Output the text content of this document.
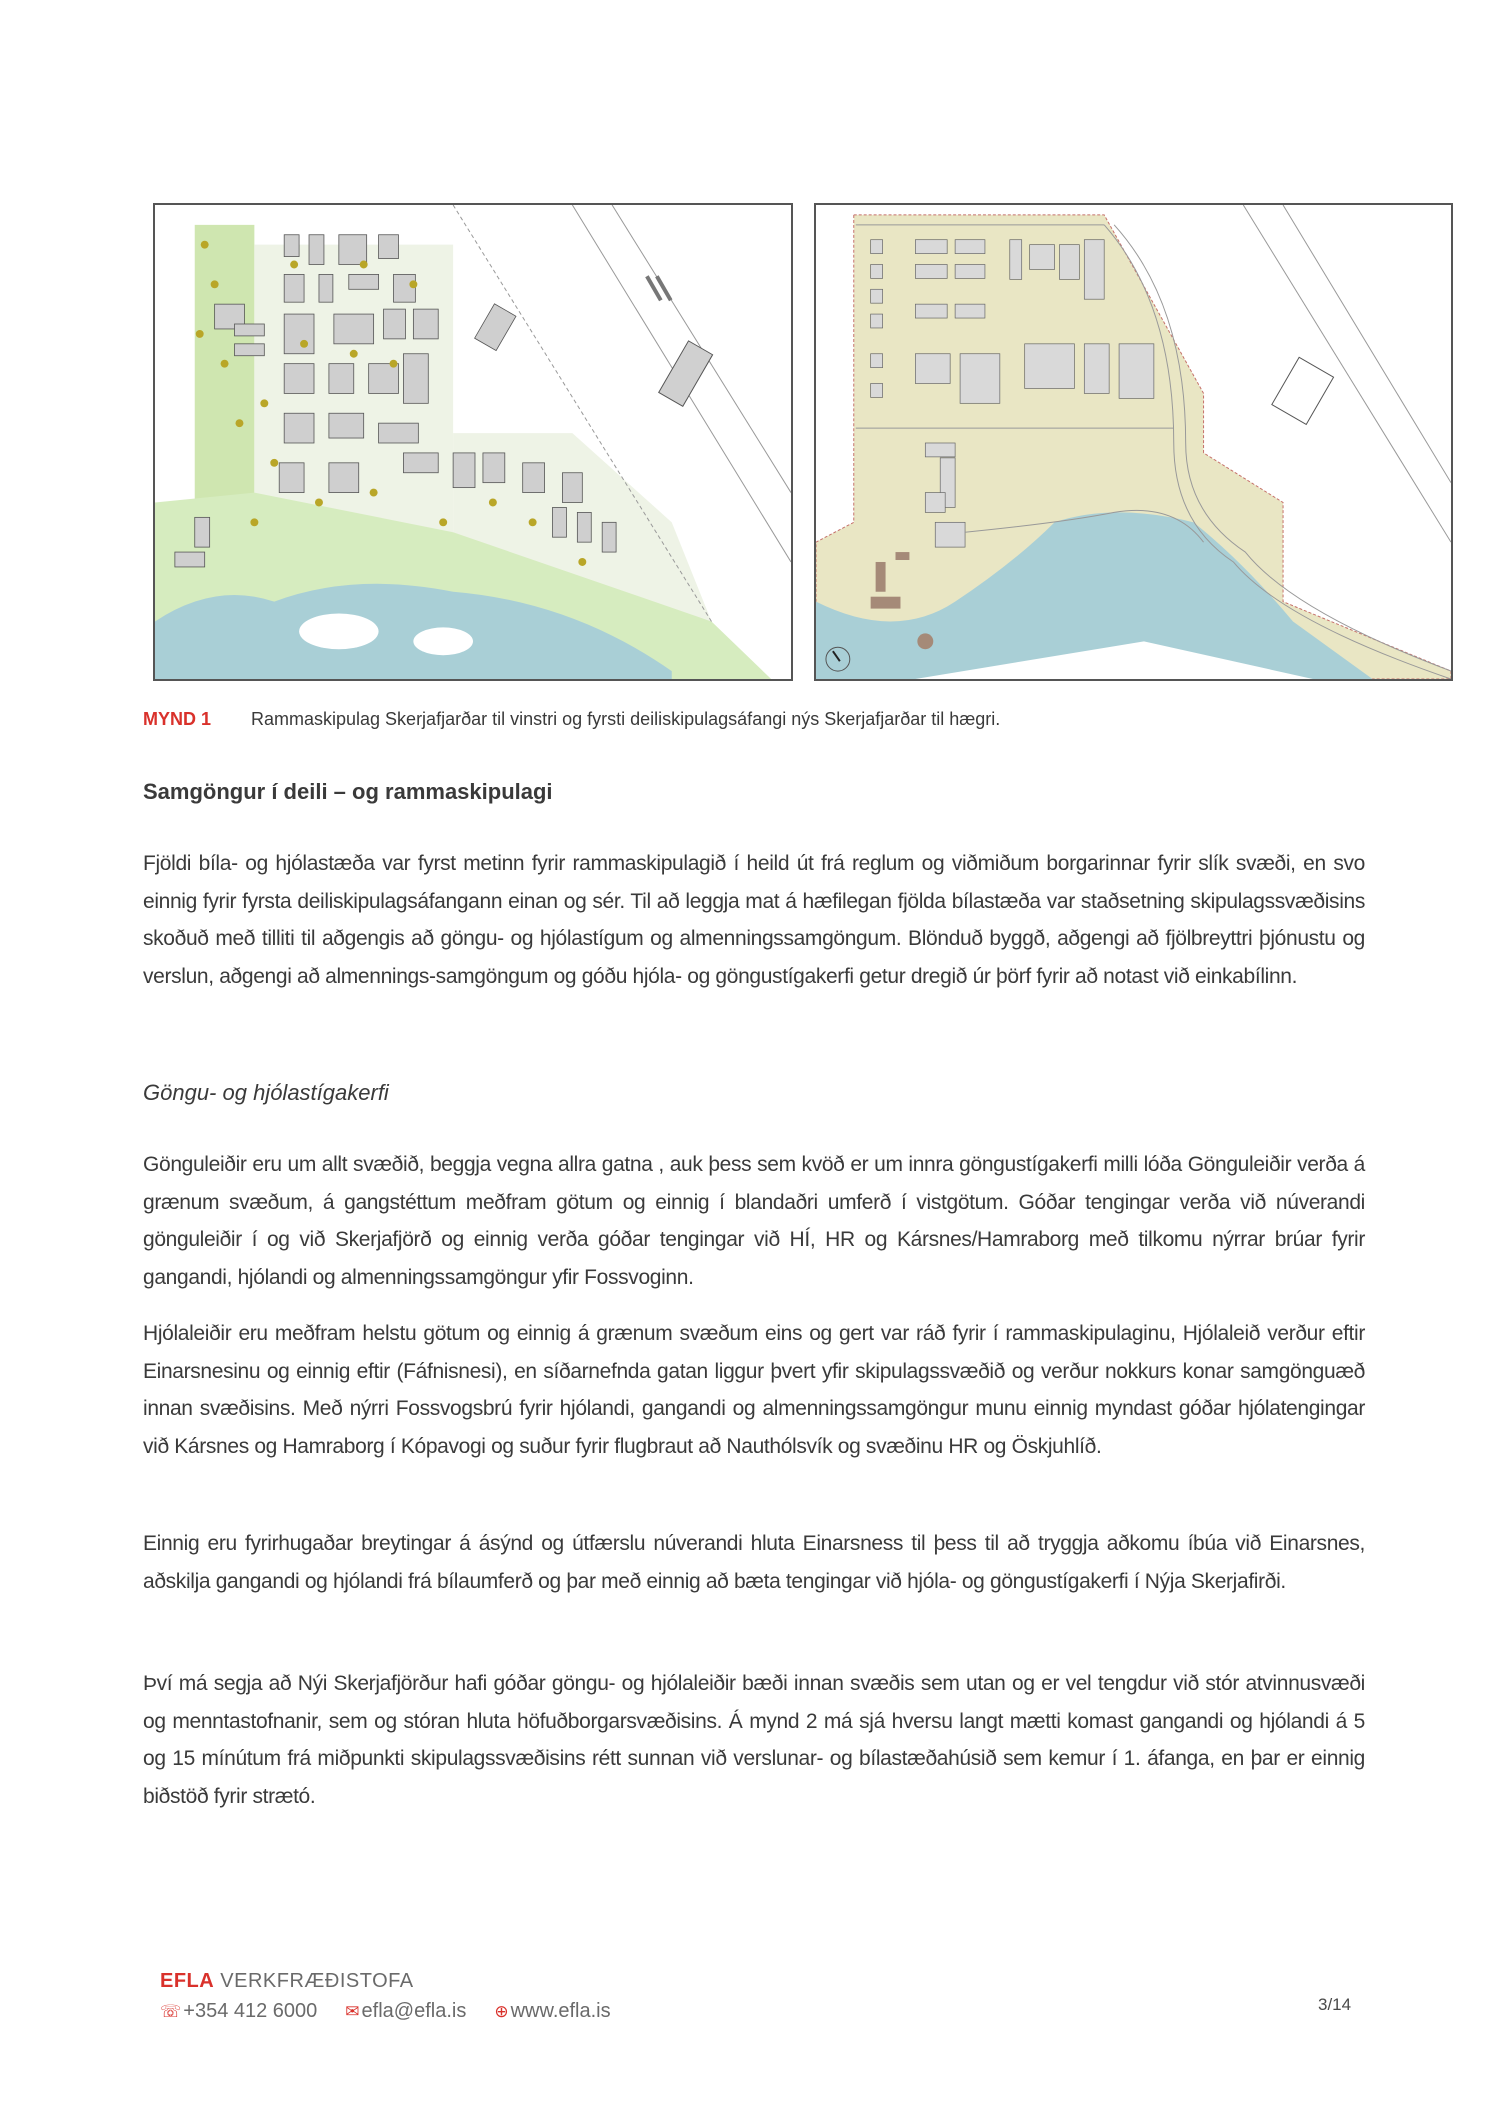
MYND 1 Rammaskipulag Skerjafjarðar til vinstri og fyrsti deiliskipulagsáfangi nýs Skerjafjarðar til hægri.
Samgöngur í deili – og rammaskipulagi

Fjöldi bíla- og hjólastæða var fyrst metinn fyrir rammaskipulagið í heild út frá reglum og viðmiðum borgarinnar fyrir slík svæði, en svo einnig fyrir fyrsta deiliskipulagsáfangann einan og sér. Til að leggja mat á hæfilegan fjölda bílastæða var staðsetning skipulagssvæðisins skoðuð með tilliti til aðgengis að göngu- og hjólastígum og almenningssamgöngum. Blönduð byggð, aðgengi að fjölbreyttri þjónustu og verslun, aðgengi að almennings-samgöngum og góðu hjóla- og göngustígakerfi getur dregið úr þörf fyrir að notast við einkabílinn.

Göngu- og hjólastígakerfi

Gönguleiðir eru um allt svæðið, beggja vegna allra gatna , auk þess sem kvöð er um innra göngustígakerfi milli lóða Gönguleiðir verða á grænum svæðum, á gangstéttum meðfram götum og einnig í blandaðri umferð í vistgötum. Góðar tengingar verða við núverandi gönguleiðir í og við Skerjafjörð og einnig verða góðar tengingar við HÍ, HR og Kársnes/Hamraborg með tilkomu nýrrar brúar fyrir gangandi, hjólandi og almenningssamgöngur yfir Fossvoginn.

Hjólaleiðir eru meðfram helstu götum og einnig á grænum svæðum eins og gert var ráð fyrir í rammaskipulaginu, Hjólaleið verður eftir Einarsnesinu og einnig eftir (Fáfnisnesi), en síðarnefnda gatan liggur þvert yfir skipulagssvæðið og verður nokkurs konar samgönguæð innan svæðisins. Með nýrri Fossvogsbrú fyrir hjólandi, gangandi og almenningssamgöngur munu einnig myndast góðar hjólatengingar við Kársnes og Hamraborg í Kópavogi og suður fyrir flugbraut að Nauthólsvík og svæðinu HR og Öskjuhlíð.

Einnig eru fyrirhugaðar breytingar á ásýnd og útfærslu núverandi hluta Einarsness til þess til að tryggja aðkomu íbúa við Einarsnes, aðskilja gangandi og hjólandi frá bílaumferð og þar með einnig að bæta tengingar við hjóla- og göngustígakerfi í Nýja Skerjafirði.

Því má segja að Nýi Skerjafjörður hafi góðar göngu- og hjólaleiðir bæði innan svæðis sem utan og er vel tengdur við stór atvinnusvæði og menntastofnanir, sem og stóran hluta höfuðborgarsvæðisins. Á mynd 2 má sjá hversu langt mætti komast gangandi og hjólandi á 5 og 15 mínútum frá miðpunkti skipulagssvæðisins rétt sunnan við verslunar- og bílastæðahúsið sem kemur í 1. áfanga, en þar er einnig biðstöð fyrir strætó.

EFLA VERKFRÆÐISTOFA
☏ +354 412 6000 ✉ efla@efla.is ⊕ www.efla.is	3/14
